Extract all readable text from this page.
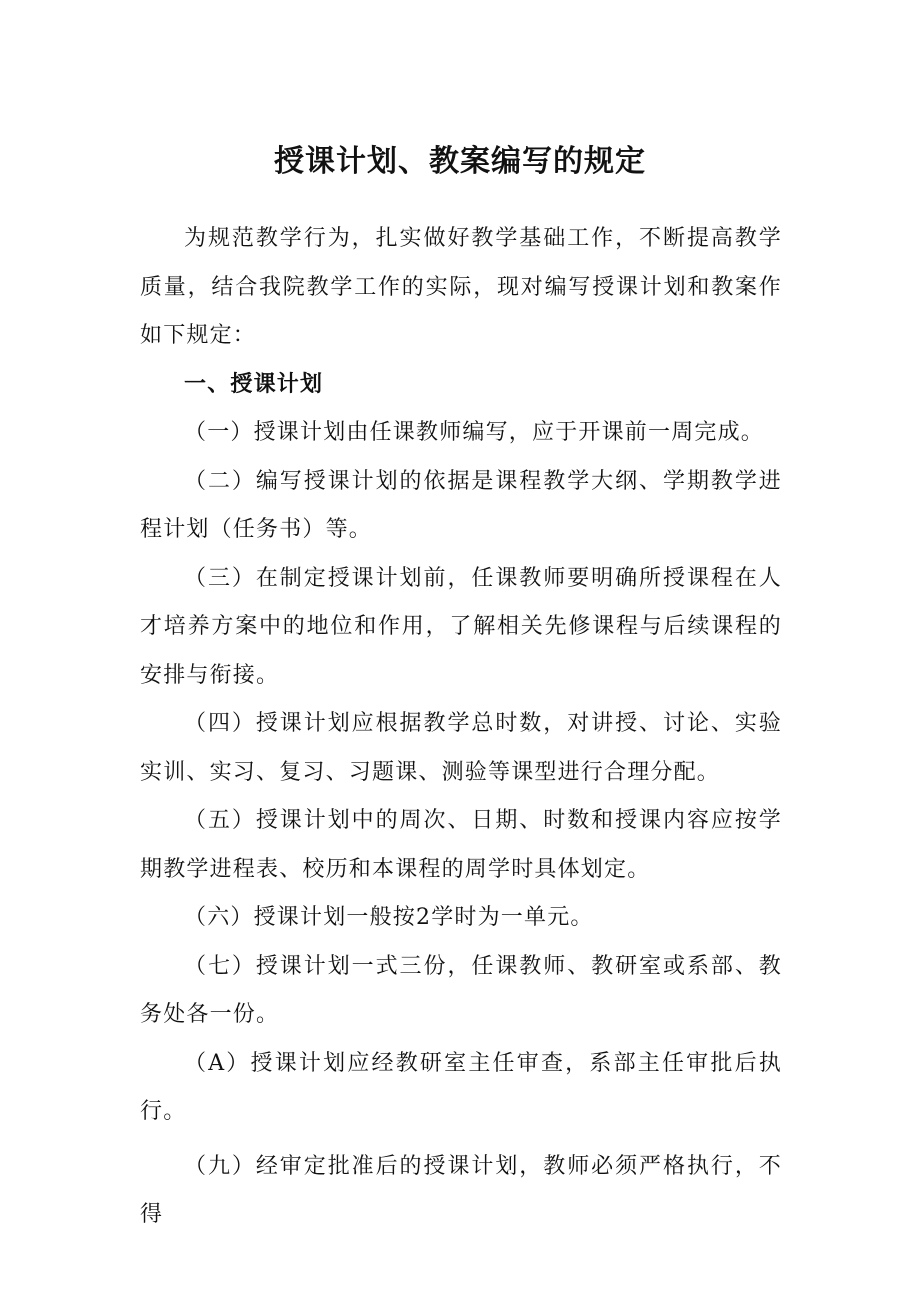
授课计划、教案编写的规定

为规范教学行为，扎实做好教学基础工作，不断提高教学质量，结合我院教学工作的实际，现对编写授课计划和教案作如下规定：

一、授课计划

（一）授课计划由任课教师编写，应于开课前一周完成。

（二）编写授课计划的依据是课程教学大纲、学期教学进程计划（任务书）等。

（三）在制定授课计划前，任课教师要明确所授课程在人才培养方案中的地位和作用，了解相关先修课程与后续课程的安排与衔接。

（四）授课计划应根据教学总时数，对讲授、讨论、实验实训、实习、复习、习题课、测验等课型进行合理分配。

（五）授课计划中的周次、日期、时数和授课内容应按学期教学进程表、校历和本课程的周学时具体划定。

（六）授课计划一般按2学时为一单元。

（七）授课计划一式三份，任课教师、教研室或系部、教务处各一份。

（A）授课计划应经教研室主任审查，系部主任审批后执行。

（九）经审定批准后的授课计划，教师必须严格执行，不得
